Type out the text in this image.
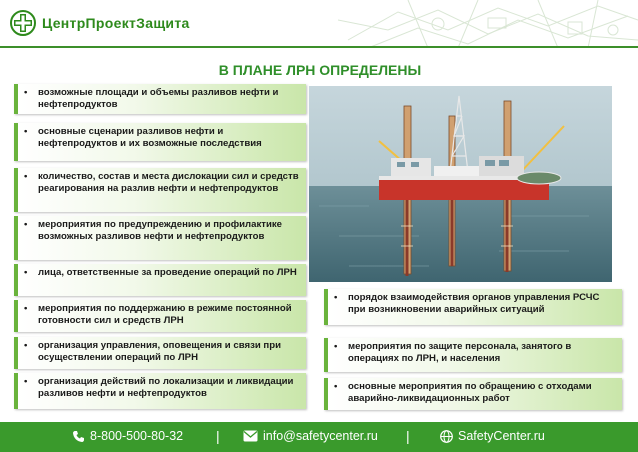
ЦентрПроектЗащита
В ПЛАНЕ ЛРН ОПРЕДЕЛЕНЫ
•	возможные площади и объемы разливов нефти и нефтепродуктов
•	основные сценарии разливов нефти и нефтепродуктов и их возможные последствия
•	количество, состав и места дислокации сил и средств реагирования на разлив нефти и нефтепродуктов
•	мероприятия по предупреждению и профилактике возможных разливов нефти и нефтепродуктов
•	лица, ответственные за проведение операций по ЛРН
•	мероприятия по поддержанию в режиме постоянной готовности сил и средств ЛРН
•	организация управления, оповещения и связи при осуществлении операций по ЛРН
•	организация действий по локализации и ликвидации разливов нефти и нефтепродуктов
•	порядок взаимодействия органов управления РСЧС при возникновении аварийных ситуаций
•	мероприятия по защите персонала, занятого в операциях по ЛРН, и населения
•	основные мероприятия по обращению с отходами аварийно-ликвидационных работ
8-800-500-80-32 |	info@safetycenter.ru |	SafetyCenter.ru
